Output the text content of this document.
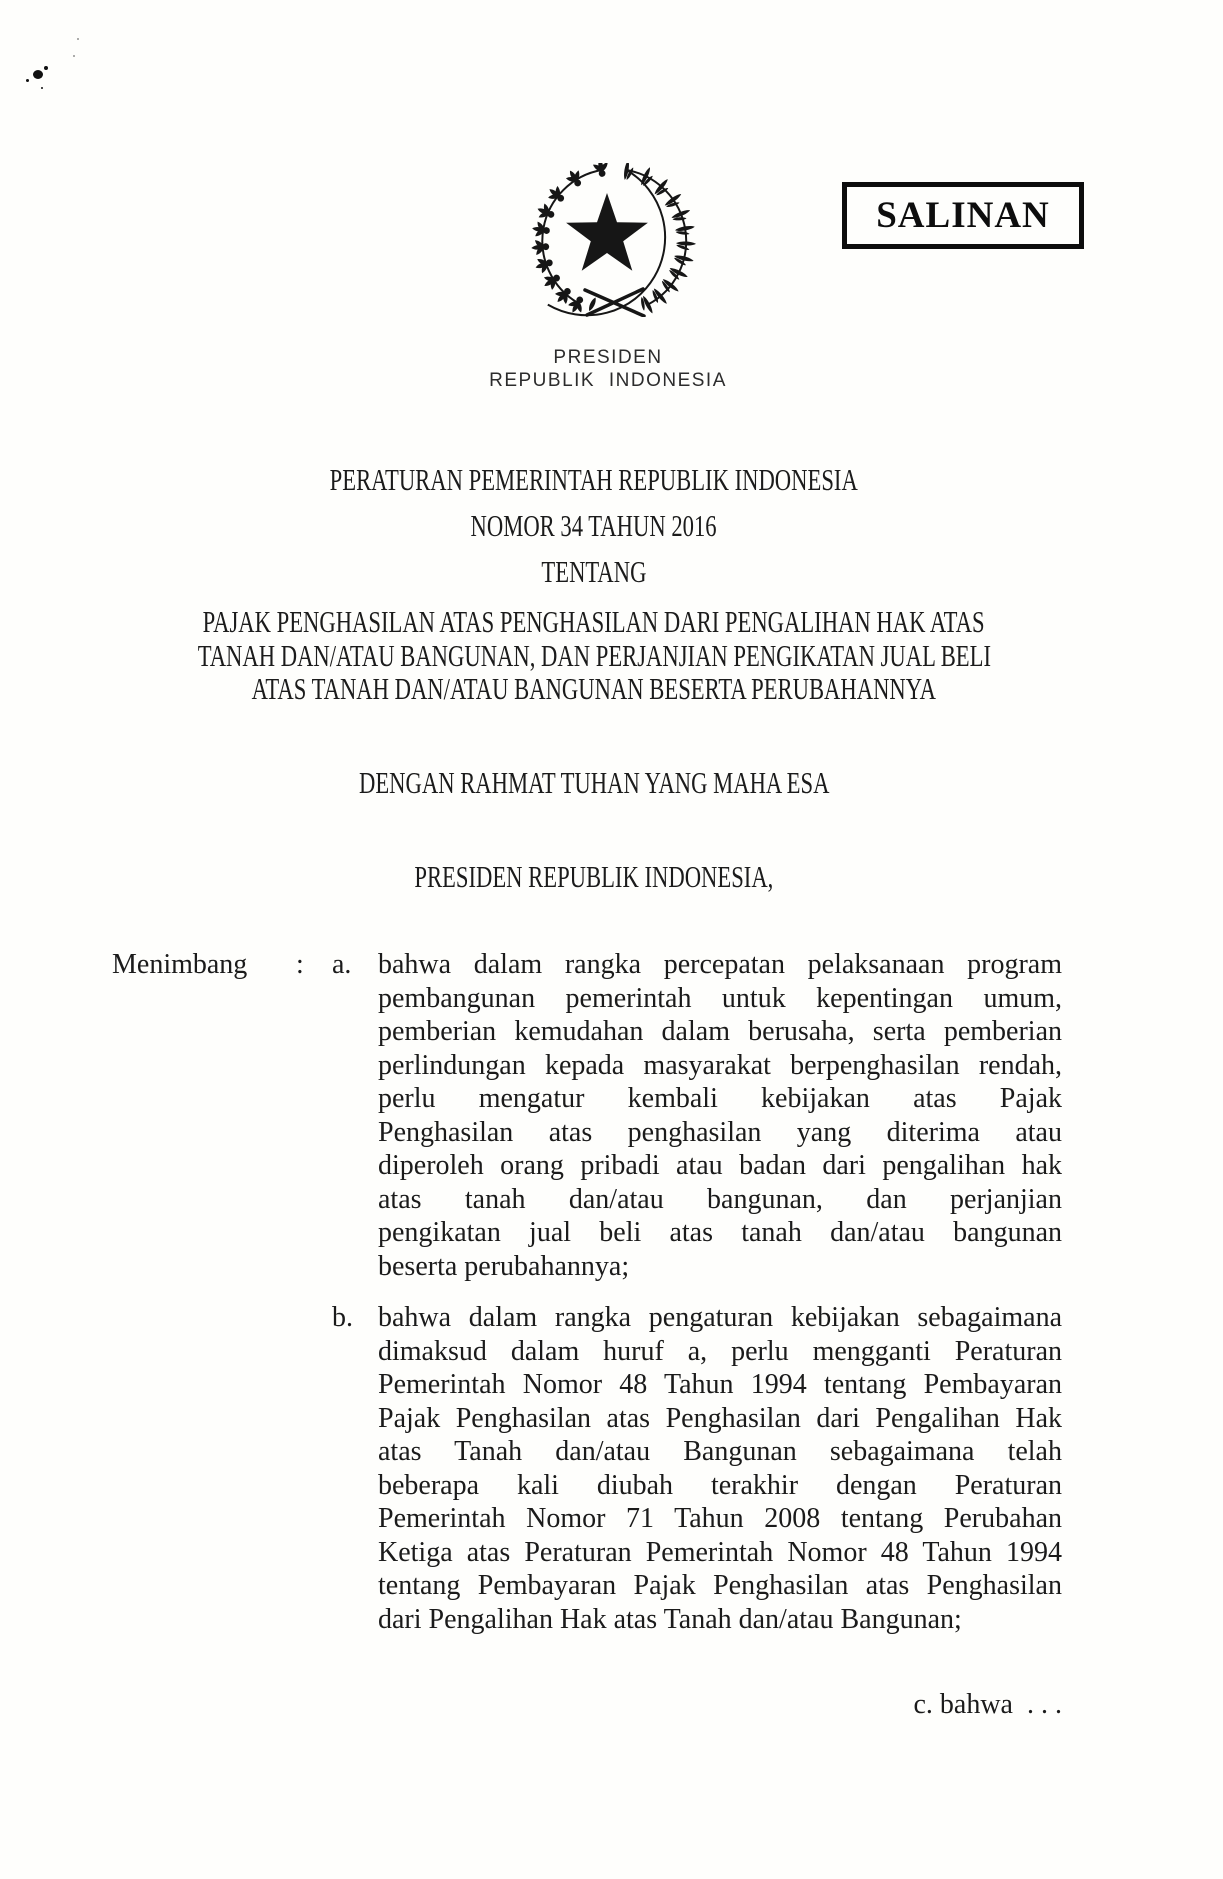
SALINAN
PRESIDEN
REPUBLIK INDONESIA
PERATURAN PEMERINTAH REPUBLIK INDONESIA
NOMOR 34 TAHUN 2016
TENTANG
PAJAK PENGHASILAN ATAS PENGHASILAN DARI PENGALIHAN HAK ATAS
TANAH DAN/ATAU BANGUNAN, DAN PERJANJIAN PENGIKATAN JUAL BELI
ATAS TANAH DAN/ATAU BANGUNAN BESERTA PERUBAHANNYA
DENGAN RAHMAT TUHAN YANG MAHA ESA
PRESIDEN REPUBLIK INDONESIA,
Menimbang : a. bahwa dalam rangka percepatan pelaksanaan program
pembangunan pemerintah untuk kepentingan umum,
pemberian kemudahan dalam berusaha, serta pemberian
perlindungan kepada masyarakat berpenghasilan rendah,
perlu mengatur kembali kebijakan atas Pajak
Penghasilan atas penghasilan yang diterima atau
diperoleh orang pribadi atau badan dari pengalihan hak
atas tanah dan/atau bangunan, dan perjanjian
pengikatan jual beli atas tanah dan/atau bangunan
beserta perubahannya;
b. bahwa dalam rangka pengaturan kebijakan sebagaimana
dimaksud dalam huruf a, perlu mengganti Peraturan
Pemerintah Nomor 48 Tahun 1994 tentang Pembayaran
Pajak Penghasilan atas Penghasilan dari Pengalihan Hak
atas Tanah dan/atau Bangunan sebagaimana telah
beberapa kali diubah terakhir dengan Peraturan
Pemerintah Nomor 71 Tahun 2008 tentang Perubahan
Ketiga atas Peraturan Pemerintah Nomor 48 Tahun 1994
tentang Pembayaran Pajak Penghasilan atas Penghasilan
dari Pengalihan Hak atas Tanah dan/atau Bangunan;
c. bahwa  . . .
